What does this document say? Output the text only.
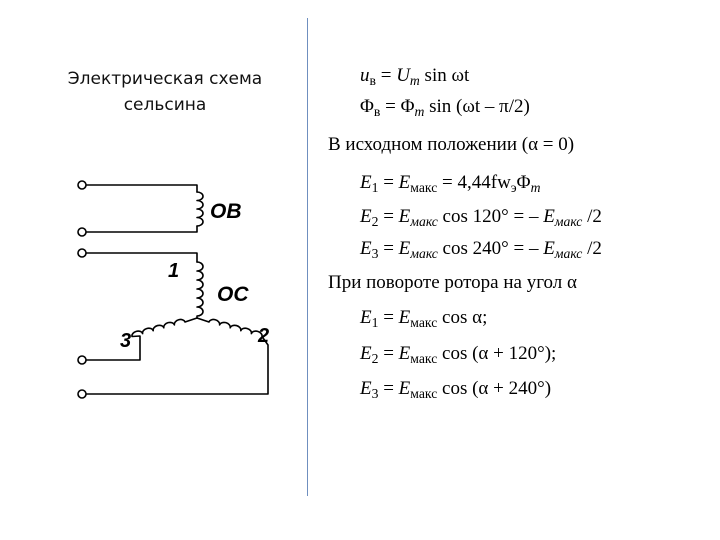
Электрическая схема
сельсина
ОВ
ОС
1
3	2
$u_в = U_m$ sin ωt
$\Phi_в = \Phi_m$ sin (ωt – π/2)
В исходном положении (α = 0)
$E_1 = E_{макс} = 4,44fw_э\Phi_m$
$E_2 = E_{макс}$ cos 120° = – $E_{макс}$ /2
$E_3 = E_{макс}$ cos 240° = – $E_{макс}$ /2
При повороте ротора на угол α
$E_1 = E_{макс}$ cos α;
$E_2 = E_{макс}$ cos (α + 120°);
$E_3 = E_{макс}$ cos (α + 240°)
